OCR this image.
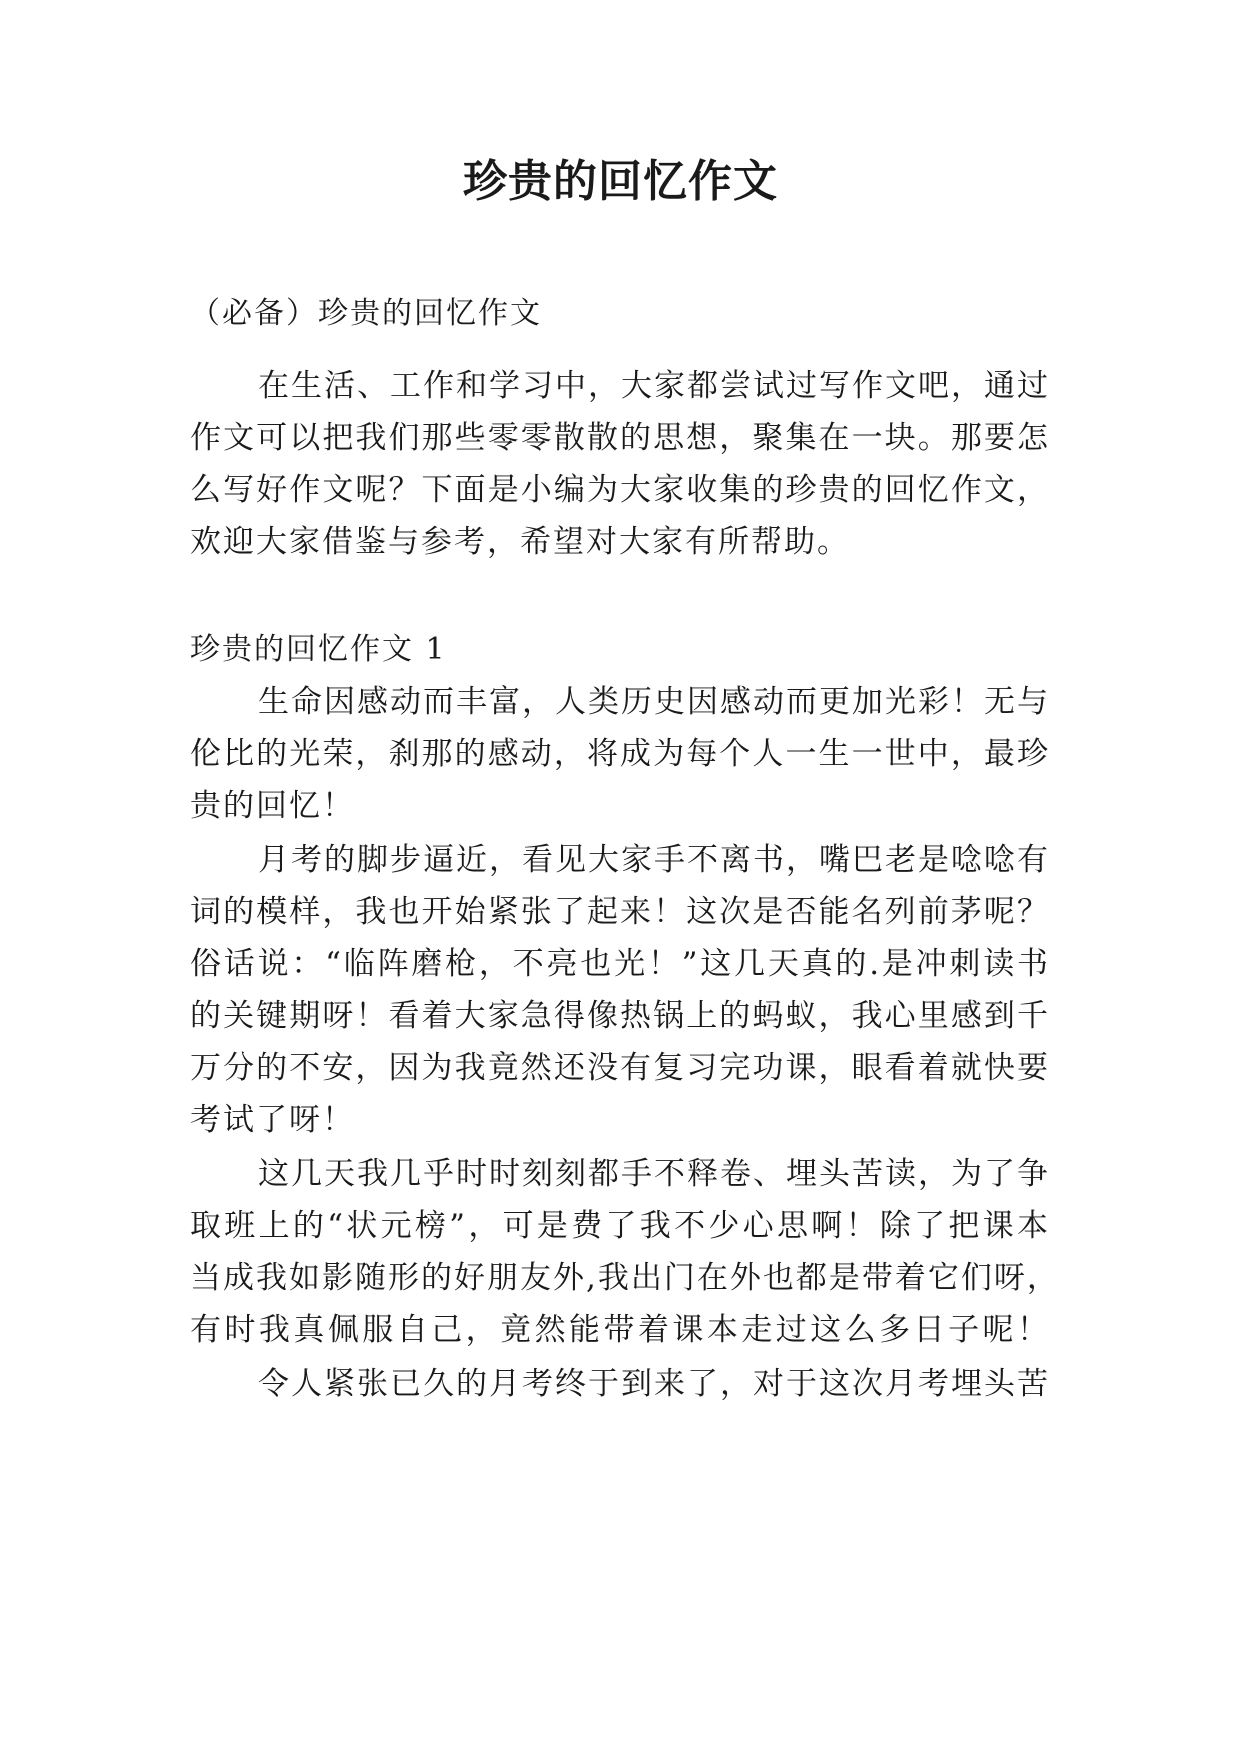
珍贵的回忆作文
（必备）珍贵的回忆作文
在生活、工作和学习中，大家都尝试过写作文吧，通过
作文可以把我们那些零零散散的思想，聚集在一块。那要怎
么写好作文呢？下面是小编为大家收集的珍贵的回忆作文，
欢迎大家借鉴与参考，希望对大家有所帮助。
珍贵的回忆作文 1
生命因感动而丰富，人类历史因感动而更加光彩！无与
伦比的光荣，刹那的感动，将成为每个人一生一世中，最珍
贵的回忆！
月考的脚步逼近，看见大家手不离书，嘴巴老是唸唸有
词的模样，我也开始紧张了起来！这次是否能名列前茅呢？
俗话说：“临阵磨枪，不亮也光！”这几天真的.是冲刺读书
的关键期呀！看着大家急得像热锅上的蚂蚁，我心里感到千
万分的不安，因为我竟然还没有复习完功课，眼看着就快要
考试了呀！
这几天我几乎时时刻刻都手不释卷、埋头苦读，为了争
取班上的“状元榜”，可是费了我不少心思啊！除了把课本
当成我如影随形的好朋友外,我出门在外也都是带着它们呀，
有时我真佩服自己，竟然能带着课本走过这么多日子呢！
令人紧张已久的月考终于到来了，对于这次月考埋头苦
